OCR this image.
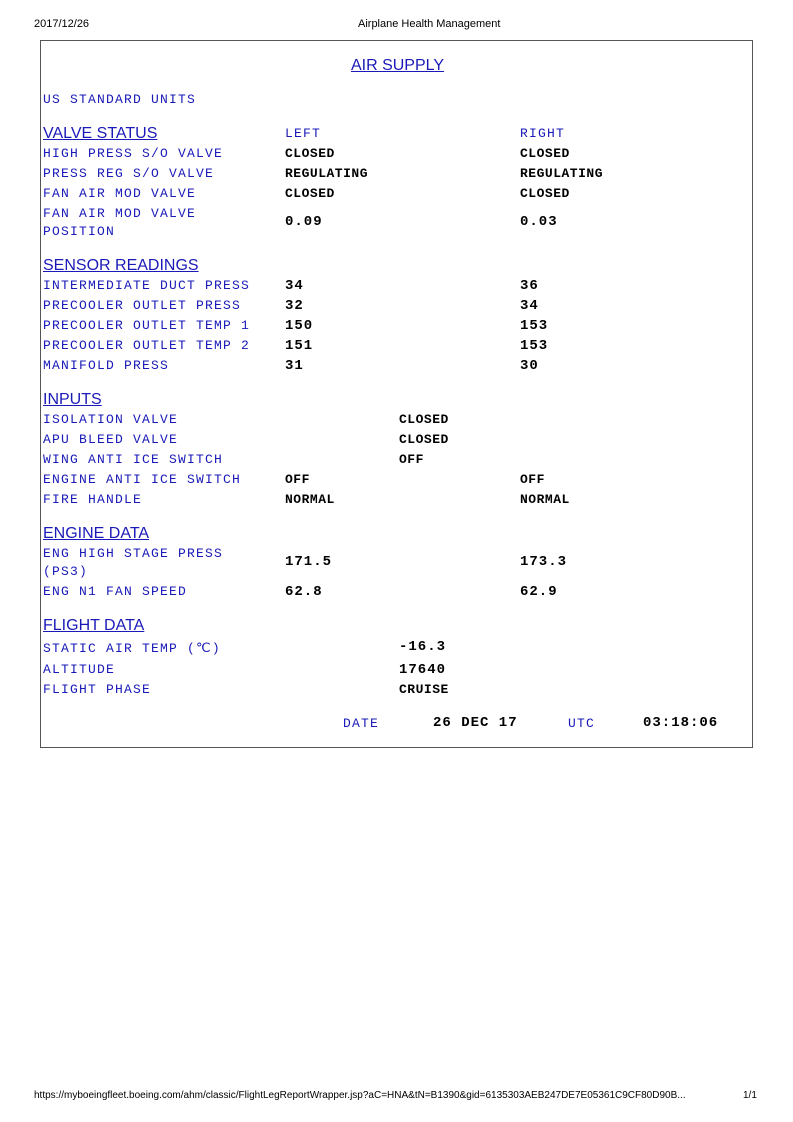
2017/12/26	Airplane Health Management
AIR SUPPLY
US STANDARD UNITS
VALVE STATUS	LEFT	RIGHT
HIGH PRESS S/O VALVE	CLOSED	CLOSED
PRESS REG S/O VALVE	REGULATING	REGULATING
FAN AIR MOD VALVE	CLOSED	CLOSED
FAN AIR MOD VALVE
POSITION
0.09	0.03
SENSOR READINGS
INTERMEDIATE DUCT PRESS 34	36
PRECOOLER OUTLET PRESS	32	34
PRECOOLER OUTLET TEMP 1 150	153
PRECOOLER OUTLET TEMP 2 151	153
MANIFOLD PRESS	31	30
INPUTS
ISOLATION VALVE	CLOSED
APU BLEED VALVE	CLOSED
WING ANTI ICE SWITCH	OFF
ENGINE ANTI ICE SWITCH	OFF	OFF
FIRE HANDLE	NORMAL	NORMAL
ENGINE DATA
ENG HIGH STAGE PRESS
(PS3)
171.5	173.3
ENG N1 FAN SPEED	62.8	62.9
FLIGHT DATA
STATIC AIR TEMP (℃)	-16.3
ALTITUDE	17640
FLIGHT PHASE	CRUISE
DATE	26 DEC 17	UTC	03:18:06
https://myboeingfleet.boeing.com/ahm/classic/FlightLegReportWrapper.jsp?aC=HNA&tN=B1390&gid=6135303AEB247DE7E05361C9CF80D90B...	1/1
